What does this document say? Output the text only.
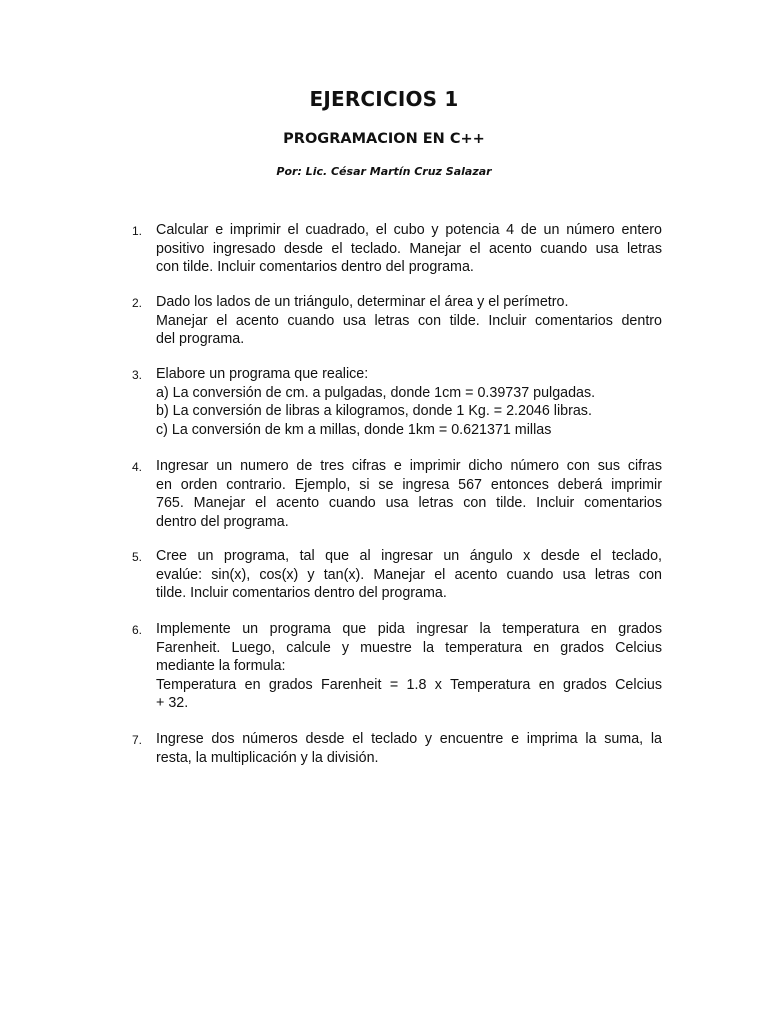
EJERCICIOS 1
PROGRAMACION EN C++

Por: Lic. César Martín Cruz Salazar

1. Calcular e imprimir el cuadrado, el cubo y potencia 4 de un número entero
positivo ingresado desde el teclado. Manejar el acento cuando usa letras
con tilde. Incluir comentarios dentro del programa.
2. Dado los lados de un triángulo, determinar el área y el perímetro.
Manejar el acento cuando usa letras con tilde. Incluir comentarios dentro
del programa.
3. Elabore un programa que realice:
a) La conversión de cm. a pulgadas, donde 1cm = 0.39737 pulgadas.
b) La conversión de libras a kilogramos, donde 1 Kg. = 2.2046 libras.
c) La conversión de km a millas, donde 1km = 0.621371 millas
4. Ingresar un numero de tres cifras e imprimir dicho número con sus cifras
en orden contrario. Ejemplo, si se ingresa 567 entonces deberá imprimir
765. Manejar el acento cuando usa letras con tilde. Incluir comentarios
dentro del programa.
5. Cree un programa, tal que al ingresar un ángulo x desde el teclado,
evalúe: sin(x), cos(x) y tan(x). Manejar el acento cuando usa letras con
tilde. Incluir comentarios dentro del programa.
6. Implemente un programa que pida ingresar la temperatura en grados
Farenheit. Luego, calcule y muestre la temperatura en grados Celcius
mediante la formula:
Temperatura en grados Farenheit = 1.8 x Temperatura en grados Celcius
+ 32.
7. Ingrese dos números desde el teclado y encuentre e imprima la suma, la
resta, la multiplicación y la división.
